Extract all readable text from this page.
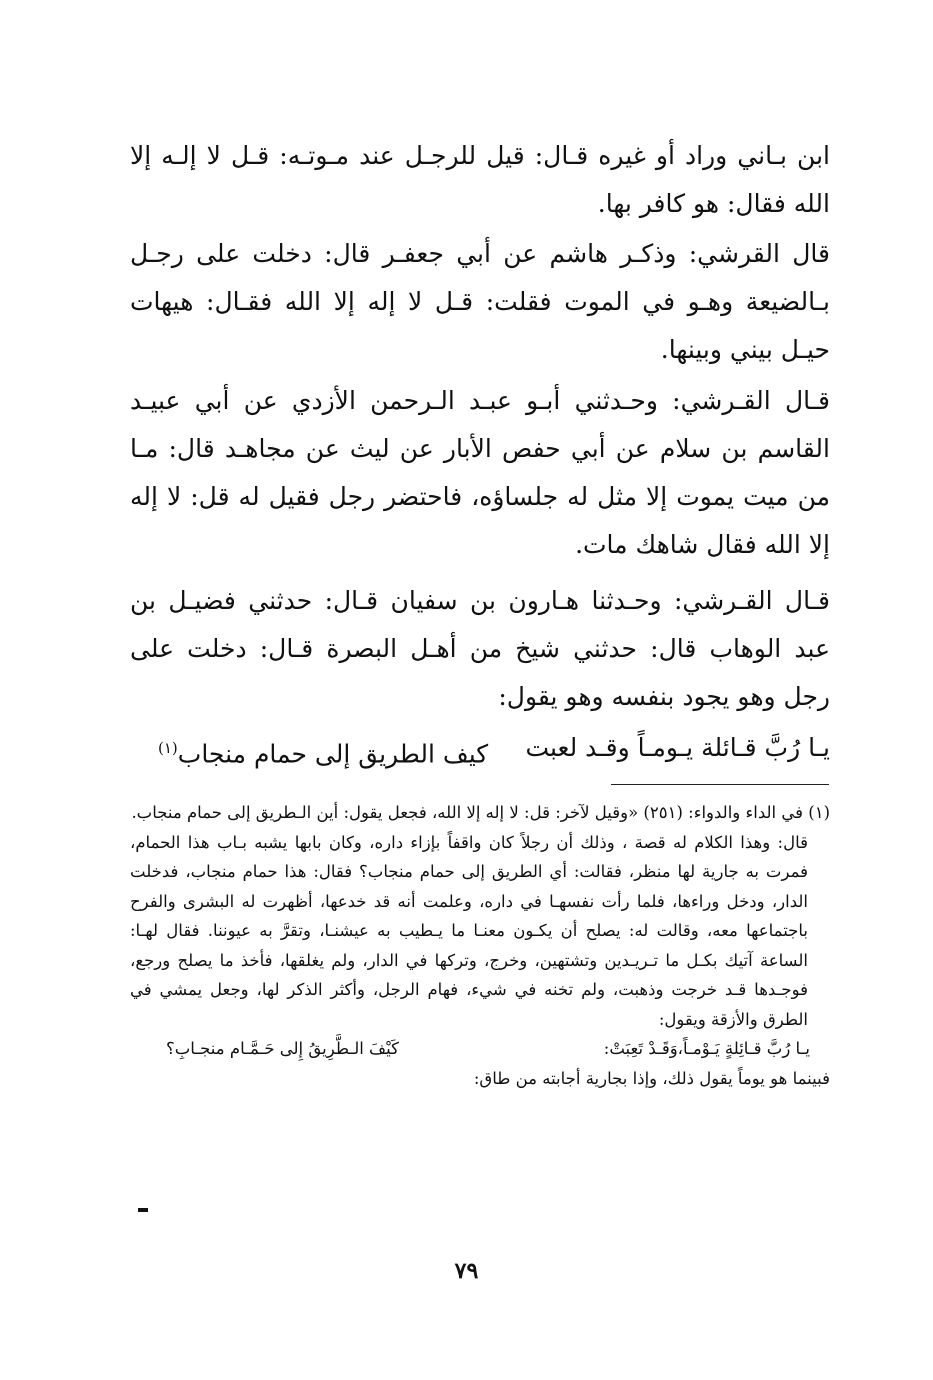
ابن بـاني وراد أو غيره قـال: قيل للرجـل عند مـوتـه: قـل لا إلـه إلا الله فقال: هو كافر بها.

قال القرشي: وذكـر هاشم عن أبي جعفـر قال: دخلت على رجـل بـالضيعة وهـو في الموت فقلت: قـل لا إله إلا الله فقـال: هيهات حيـل بيني وبينها.

قـال القـرشي: وحـدثني أبـو عبـد الـرحمن الأزدي عن أبي عبيـد القاسم بن سلام عن أبي حفص الأبار عن ليث عن مجاهـد قال: مـا من ميت يموت إلا مثل له جلساؤه، فاحتضر رجل فقيل له قل: لا إله إلا الله فقال شاهك مات.

قـال القـرشي: وحـدثنا هـارون بن سفيان قـال: حدثني فضيـل بن عبد الوهاب قال: حدثني شيخ من أهـل البصرة قـال: دخلت على رجل وهو يجود بنفسه وهو يقول:

يـا رُبَّ قـائلة يـومـاً وقـد لعبت
كيف الطريق إلى حمام منجاب$^{(١)}$

(١) في الداء والدواء: (٢٥١) «وقيل لآخر: قل: لا إله إلا الله، فجعل يقول: أين الـطريق إلى حمام منجاب.

قال: وهذا الكلام له قصة ، وذلك أن رجلاً كان واقفاً بإزاء داره، وكان بابها يشبه بـاب هذا الحمام، فمرت به جارية لها منظر، فقالت: أي الطريق إلى حمام منجاب؟ فقال: هذا حمام منجاب، فدخلت الدار، ودخل وراءها، فلما رأت نفسهـا في داره، وعلمت أنه قد خدعها، أظهرت له البشرى والفرح باجتماعها معه، وقالت له: يصلح أن يكـون معنـا ما يـطيب به عيشنـا، وتقرَّ به عيوننا. فقال لهـا: الساعة آتيك بكـل ما تـريـدين وتشتهين، وخرج، وتركها في الدار، ولم يغلقها، فأخذ ما يصلح ورجع، فوجـدها قـد خرجت وذهبت، ولم تخنه في شيء، فهام الرجل، وأكثر الذكر لها، وجعل يمشي في الطرق والأزقة ويقول:

يـا رُبَّ قـائِلةٍ يَـوْمـاً،وَقَـدْ تَعِبَتْ:
كَيْفَ الـطَّرِيقُ إِلى حَـمَّـام منجـابِ؟

فبينما هو يوماً يقول ذلك، وإذا بجارية أجابته من طاق:

٧٩
